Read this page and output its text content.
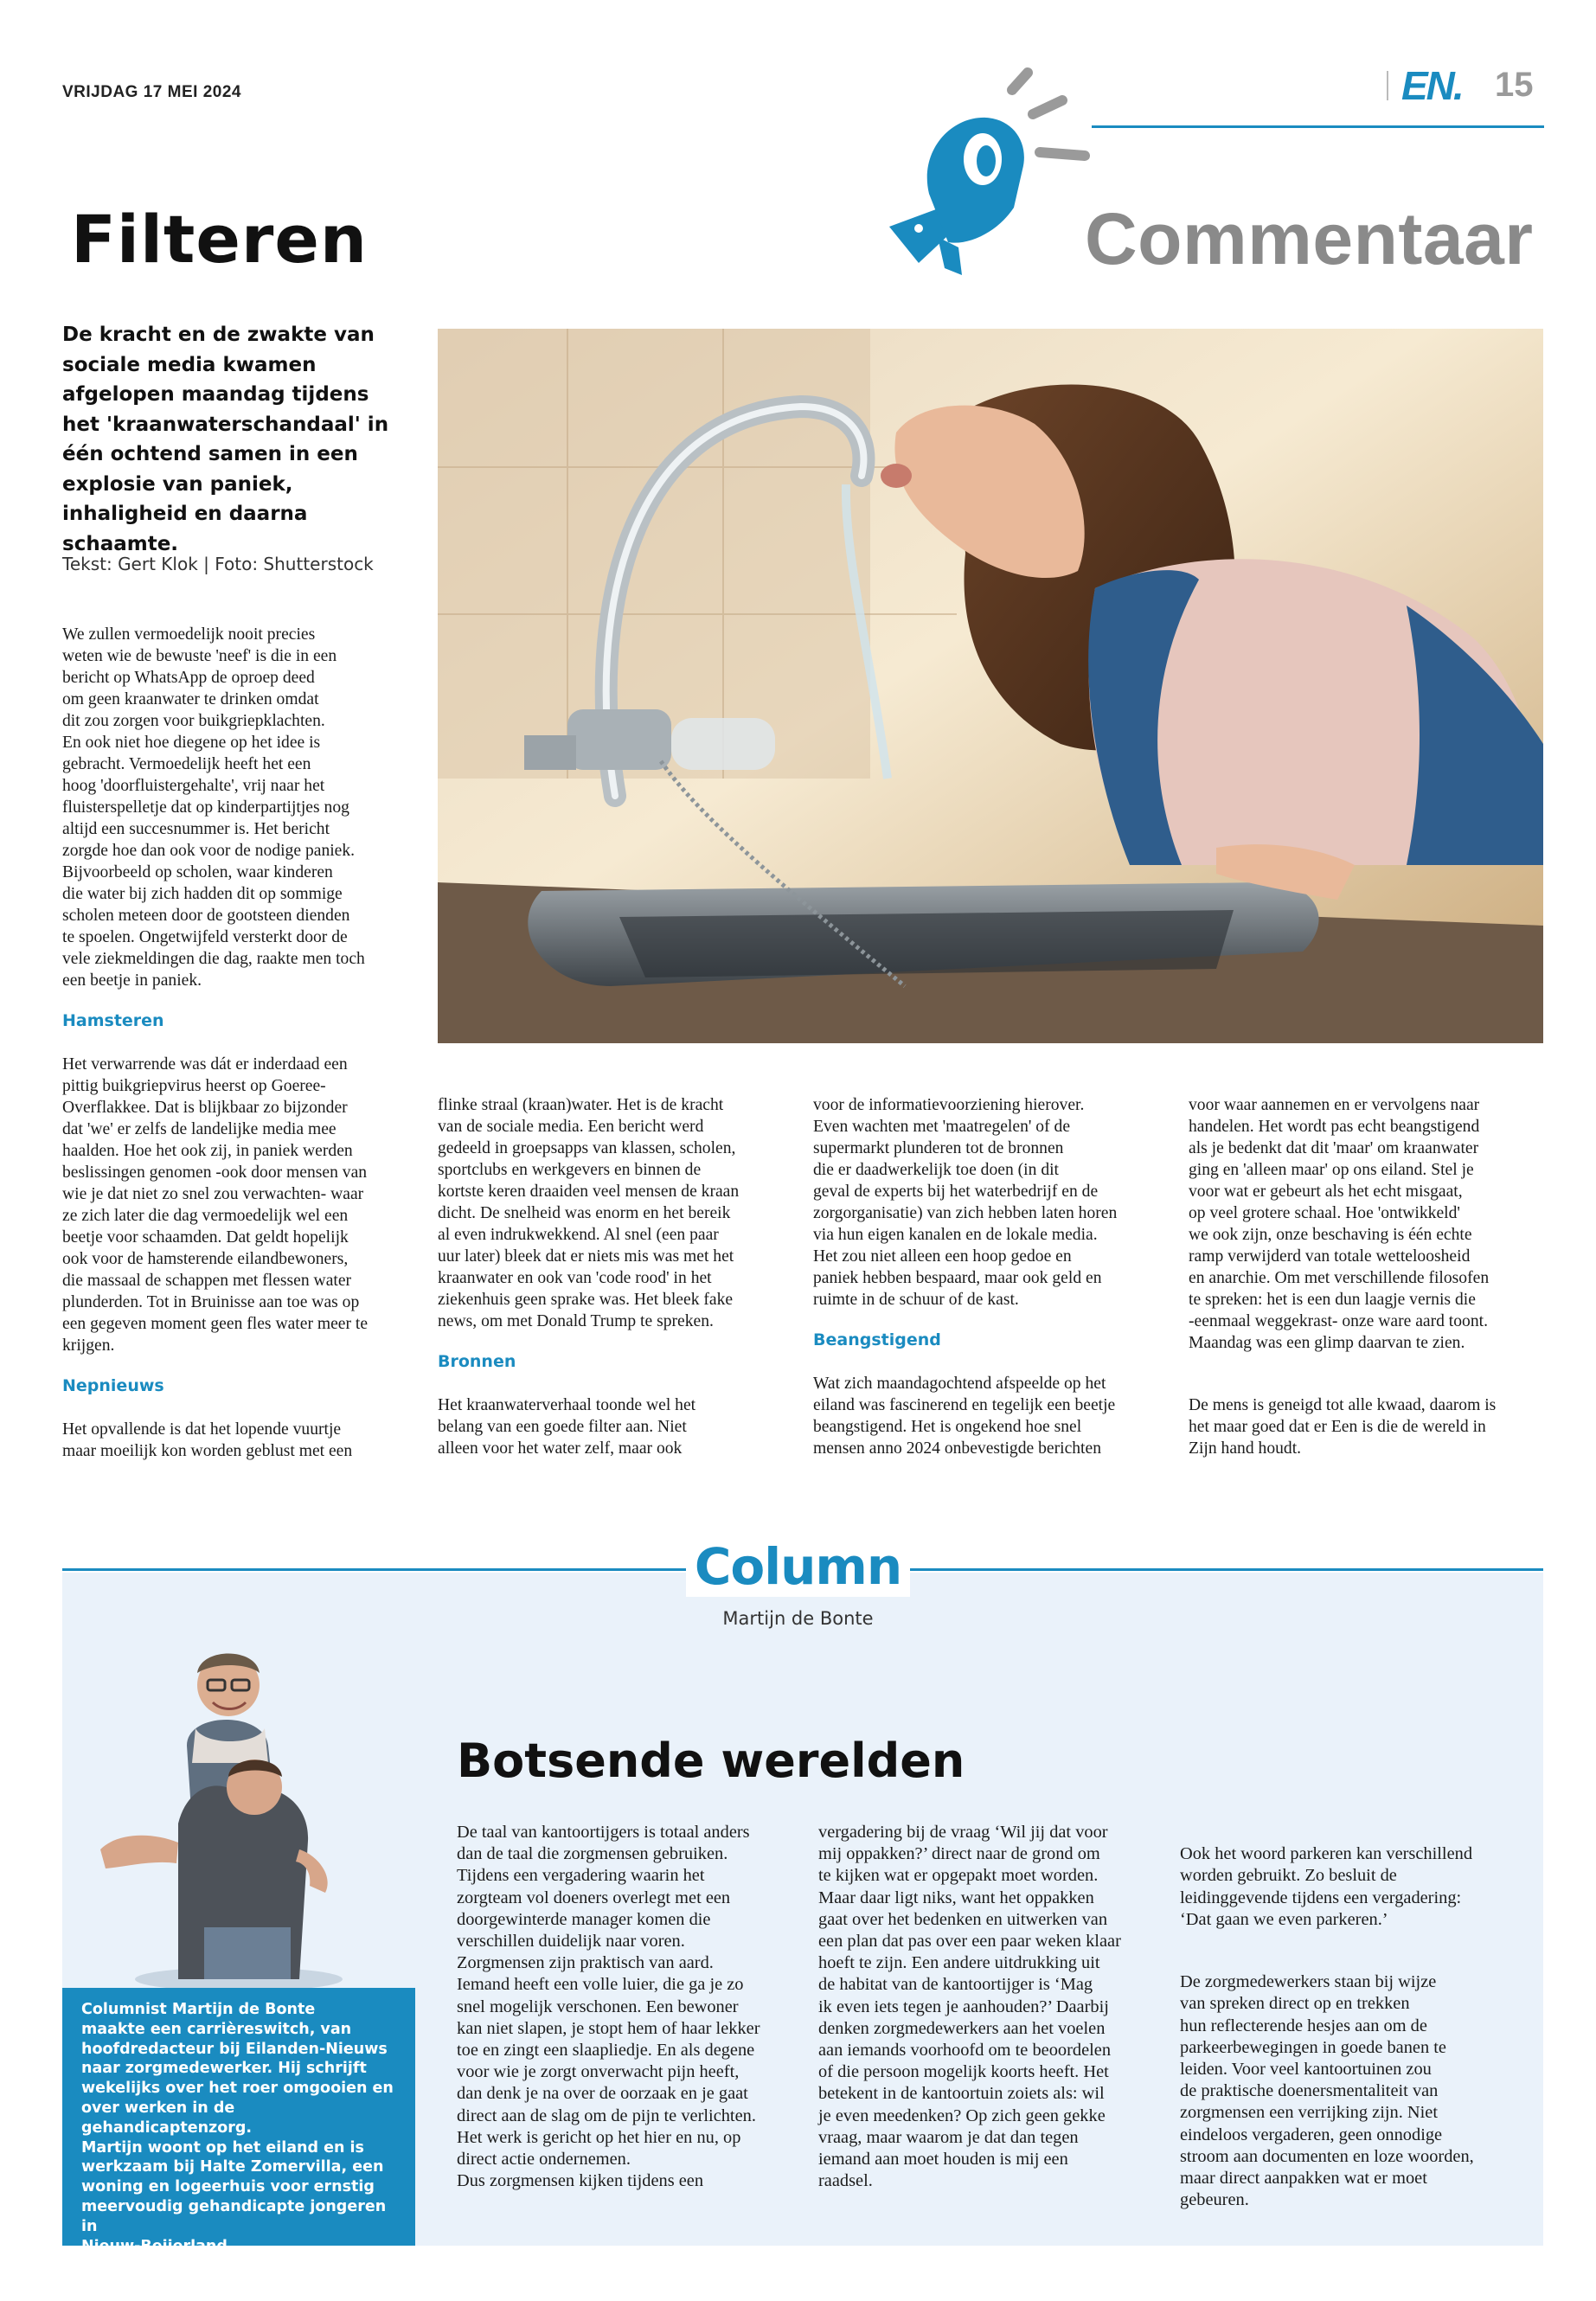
VRIJDAG 17 MEI 2024	EN. 15
Commentaar
Filteren

De kracht en de zwakte van sociale media kwamen afgelopen maandag tijdens het 'kraanwaterschandaal' in één ochtend samen in een explosie van paniek, inhaligheid en daarna schaamte.

Tekst: Gert Klok | Foto: Shutterstock

We zullen vermoedelijk nooit precies
weten wie de bewuste 'neef' is die in een
bericht op WhatsApp de oproep deed
om geen kraanwater te drinken omdat
dit zou zorgen voor buikgriepklachten.
En ook niet hoe diegene op het idee is
gebracht. Vermoedelijk heeft het een
hoog 'doorfluistergehalte', vrij naar het
fluisterspelletje dat op kinderpartijtjes nog
altijd een succesnummer is. Het bericht
zorgde hoe dan ook voor de nodige paniek.
Bijvoorbeeld op scholen, waar kinderen
die water bij zich hadden dit op sommige
scholen meteen door de gootsteen dienden
te spoelen. Ongetwijfeld versterkt door de
vele ziekmeldingen die dag, raakte men toch
een beetje in paniek.

Hamsteren

Het verwarrende was dát er inderdaad een
pittig buikgriepvirus heerst op Goeree-
Overflakkee. Dat is blijkbaar zo bijzonder
dat 'we' er zelfs de landelijke media mee
haalden. Hoe het ook zij, in paniek werden
beslissingen genomen -ook door mensen van
wie je dat niet zo snel zou verwachten- waar
ze zich later die dag vermoedelijk wel een
beetje voor schaamden. Dat geldt hopelijk
ook voor de hamsterende eilandbewoners,
die massaal de schappen met flessen water
plunderden. Tot in Bruinisse aan toe was op
een gegeven moment geen fles water meer te
krijgen.

Nepnieuws

Het opvallende is dat het lopende vuurtje
maar moeilijk kon worden geblust met een

flinke straal (kraan)water. Het is de kracht
van de sociale media. Een bericht werd
gedeeld in groepsapps van klassen, scholen,
sportclubs en werkgevers en binnen de
kortste keren draaiden veel mensen de kraan
dicht. De snelheid was enorm en het bereik
al even indrukwekkend. Al snel (een paar
uur later) bleek dat er niets mis was met het
kraanwater en ook van 'code rood' in het
ziekenhuis geen sprake was. Het bleek fake
news, om met Donald Trump te spreken.

Bronnen

Het kraanwaterverhaal toonde wel het
belang van een goede filter aan. Niet
alleen voor het water zelf, maar ook

voor de informatievoorziening hierover.
Even wachten met 'maatregelen' of de
supermarkt plunderen tot de bronnen
die er daadwerkelijk toe doen (in dit
geval de experts bij het waterbedrijf en de
zorgorganisatie) van zich hebben laten horen
via hun eigen kanalen en de lokale media.
Het zou niet alleen een hoop gedoe en
paniek hebben bespaard, maar ook geld en
ruimte in de schuur of de kast.

Beangstigend

Wat zich maandagochtend afspeelde op het
eiland was fascinerend en tegelijk een beetje
beangstigend. Het is ongekend hoe snel
mensen anno 2024 onbevestigde berichten

voor waar aannemen en er vervolgens naar
handelen. Het wordt pas echt beangstigend
als je bedenkt dat dit 'maar' om kraanwater
ging en 'alleen maar' op ons eiland. Stel je
voor wat er gebeurt als het echt misgaat,
op veel grotere schaal. Hoe 'ontwikkeld'
we ook zijn, onze beschaving is één echte
ramp verwijderd van totale wetteloosheid
en anarchie. Om met verschillende filosofen
te spreken: het is een dun laagje vernis die
-eenmaal weggekrast- onze ware aard toont.
Maandag was een glimp daarvan te zien.

De mens is geneigd tot alle kwaad, daarom is
het maar goed dat er Een is die de wereld in
Zijn hand houdt.

Column
Martijn de Bonte
Botsende werelden
Columnist Martijn de Bonte
maakte een carrièreswitch, van
hoofdredacteur bij Eilanden-Nieuws
naar zorgmedewerker. Hij schrijft
wekelijks over het roer omgooien en
over werken in de gehandicaptenzorg.
Martijn woont op het eiland en is
werkzaam bij Halte Zomervilla, een
woning en logeerhuis voor ernstig
meervoudig gehandicapte jongeren in
Nieuw-Beijerland.
De taal van kantoortijgers is totaal anders
dan de taal die zorgmensen gebruiken.
Tijdens een vergadering waarin het
zorgteam vol doeners overlegt met een
doorgewinterde manager komen die
verschillen duidelijk naar voren.
Zorgmensen zijn praktisch van aard.
Iemand heeft een volle luier, die ga je zo
snel mogelijk verschonen. Een bewoner
kan niet slapen, je stopt hem of haar lekker
toe en zingt een slaapliedje. En als degene
voor wie je zorgt onverwacht pijn heeft,
dan denk je na over de oorzaak en je gaat
direct aan de slag om de pijn te verlichten.
Het werk is gericht op het hier en nu, op
direct actie ondernemen.
Dus zorgmensen kijken tijdens een
vergadering bij de vraag ‘Wil jij dat voor
mij oppakken?’ direct naar de grond om
te kijken wat er opgepakt moet worden.
Maar daar ligt niks, want het oppakken
gaat over het bedenken en uitwerken van
een plan dat pas over een paar weken klaar
hoeft te zijn. Een andere uitdrukking uit
de habitat van de kantoortijger is ‘Mag
ik even iets tegen je aanhouden?’ Daarbij
denken zorgmedewerkers aan het voelen
aan iemands voorhoofd om te beoordelen
of die persoon mogelijk koorts heeft. Het
betekent in de kantoortuin zoiets als: wil
je even meedenken? Op zich geen gekke
vraag, maar waarom je dat dan tegen
iemand aan moet houden is mij een
raadsel.

Ook het woord parkeren kan verschillend
worden gebruikt. Zo besluit de
leidinggevende tijdens een vergadering:
‘Dat gaan we even parkeren.’

De zorgmedewerkers staan bij wijze
van spreken direct op en trekken
hun reflecterende hesjes aan om de
parkeerbewegingen in goede banen te
leiden. Voor veel kantoortuinen zou
de praktische doenersmentaliteit van
zorgmensen een verrijking zijn. Niet
eindeloos vergaderen, geen onnodige
stroom aan documenten en loze woorden,
maar direct aanpakken wat er moet
gebeuren.
